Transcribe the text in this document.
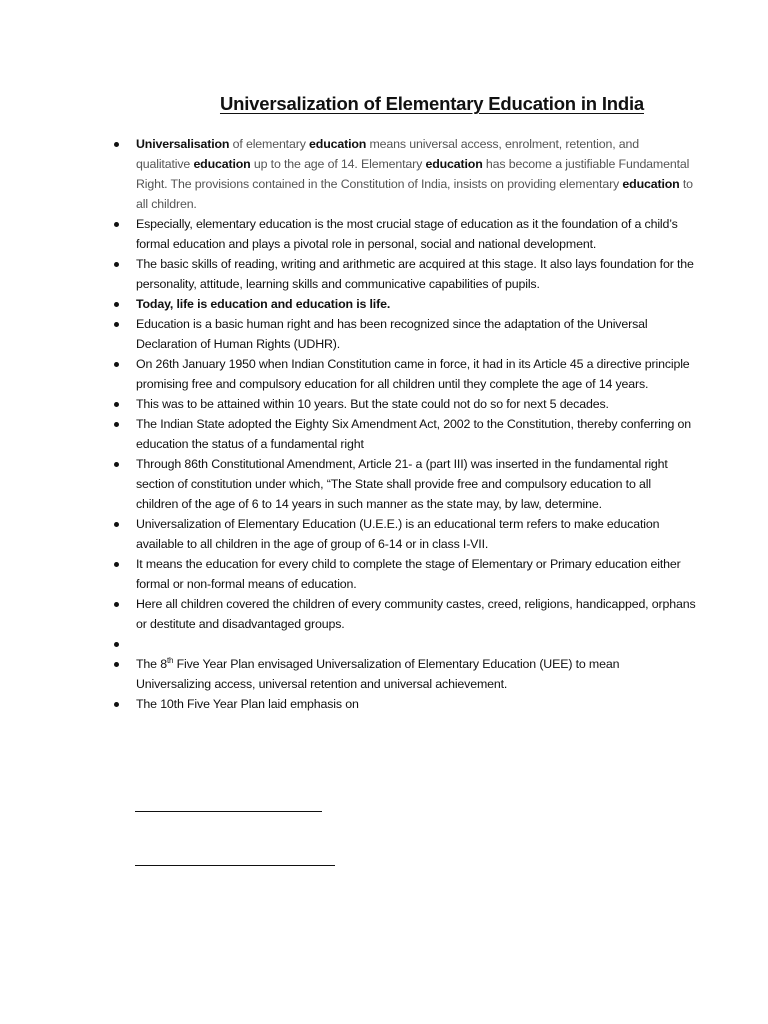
Universalization of Elementary Education in India
Universalisation of elementary education means universal access, enrolment, retention, and qualitative education up to the age of 14. Elementary education has become a justifiable Fundamental Right. The provisions contained in the Constitution of India, insists on providing elementary education to all children.
Especially, elementary education is the most crucial stage of education as it the foundation of a child’s formal education and plays a pivotal role in personal, social and national development.
The basic skills of reading, writing and arithmetic are acquired at this stage. It also lays foundation for the personality, attitude, learning skills and communicative capabilities of pupils.
Today, life is education and education is life.
Education is a basic human right and has been recognized since the adaptation of the Universal Declaration of Human Rights (UDHR).
On 26th January 1950 when Indian Constitution came in force, it had in its Article 45 a directive principle promising free and compulsory education for all children until they complete the age of 14 years.
This was to be attained within 10 years. But the state could not do so for next 5 decades.
The Indian State adopted the Eighty Six Amendment Act, 2002 to the Constitution, thereby conferring on education the status of a fundamental right
Through 86th Constitutional Amendment, Article 21- a (part III) was inserted in the fundamental right section of constitution under which, “The State shall provide free and compulsory education to all children of the age of 6 to 14 years in such manner as the state may, by law, determine.
Universalization of Elementary Education (U.E.E.) is an educational term refers to make education available to all children in the age of group of 6-14 or in class I-VII.
It means the education for every child to complete the stage of Elementary or Primary education either formal or non-formal means of education.
Here all children covered the children of every community castes, creed, religions, handicapped, orphans or destitute and disadvantaged groups.
The 8th Five Year Plan envisaged Universalization of Elementary Education (UEE) to mean Universalizing access, universal retention and universal achievement.
The 10th Five Year Plan laid emphasis on
